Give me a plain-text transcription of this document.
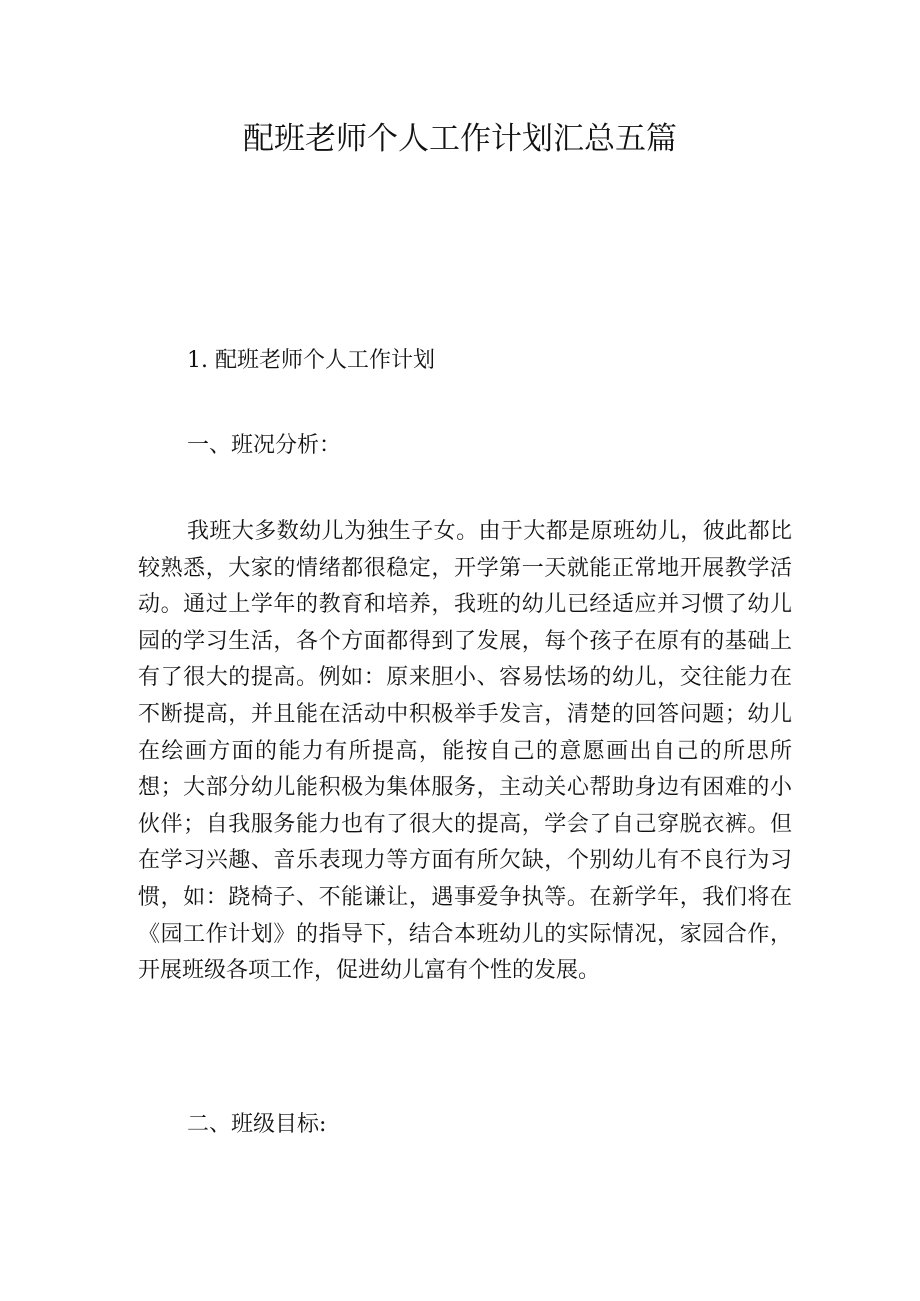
配班老师个人工作计划汇总五篇
1. 配班老师个人工作计划
一、班况分析：

我班大多数幼儿为独生子女。由于大都是原班幼儿，彼此都比较熟悉，大家的情绪都很稳定，开学第一天就能正常地开展教学活动。通过上学年的教育和培养，我班的幼儿已经适应并习惯了幼儿园的学习生活，各个方面都得到了发展，每个孩子在原有的基础上有了很大的提高。例如：原来胆小、容易怯场的幼儿，交往能力在不断提高，并且能在活动中积极举手发言，清楚的回答问题；幼儿在绘画方面的能力有所提高，能按自己的意愿画出自己的所思所想；大部分幼儿能积极为集体服务，主动关心帮助身边有困难的小伙伴；自我服务能力也有了很大的提高，学会了自己穿脱衣裤。但在学习兴趣、音乐表现力等方面有所欠缺，个别幼儿有不良行为习惯，如：跷椅子、不能谦让，遇事爱争执等。在新学年，我们将在《园工作计划》的指导下，结合本班幼儿的实际情况，家园合作，开展班级各项工作，促进幼儿富有个性的发展。

二、班级目标:
